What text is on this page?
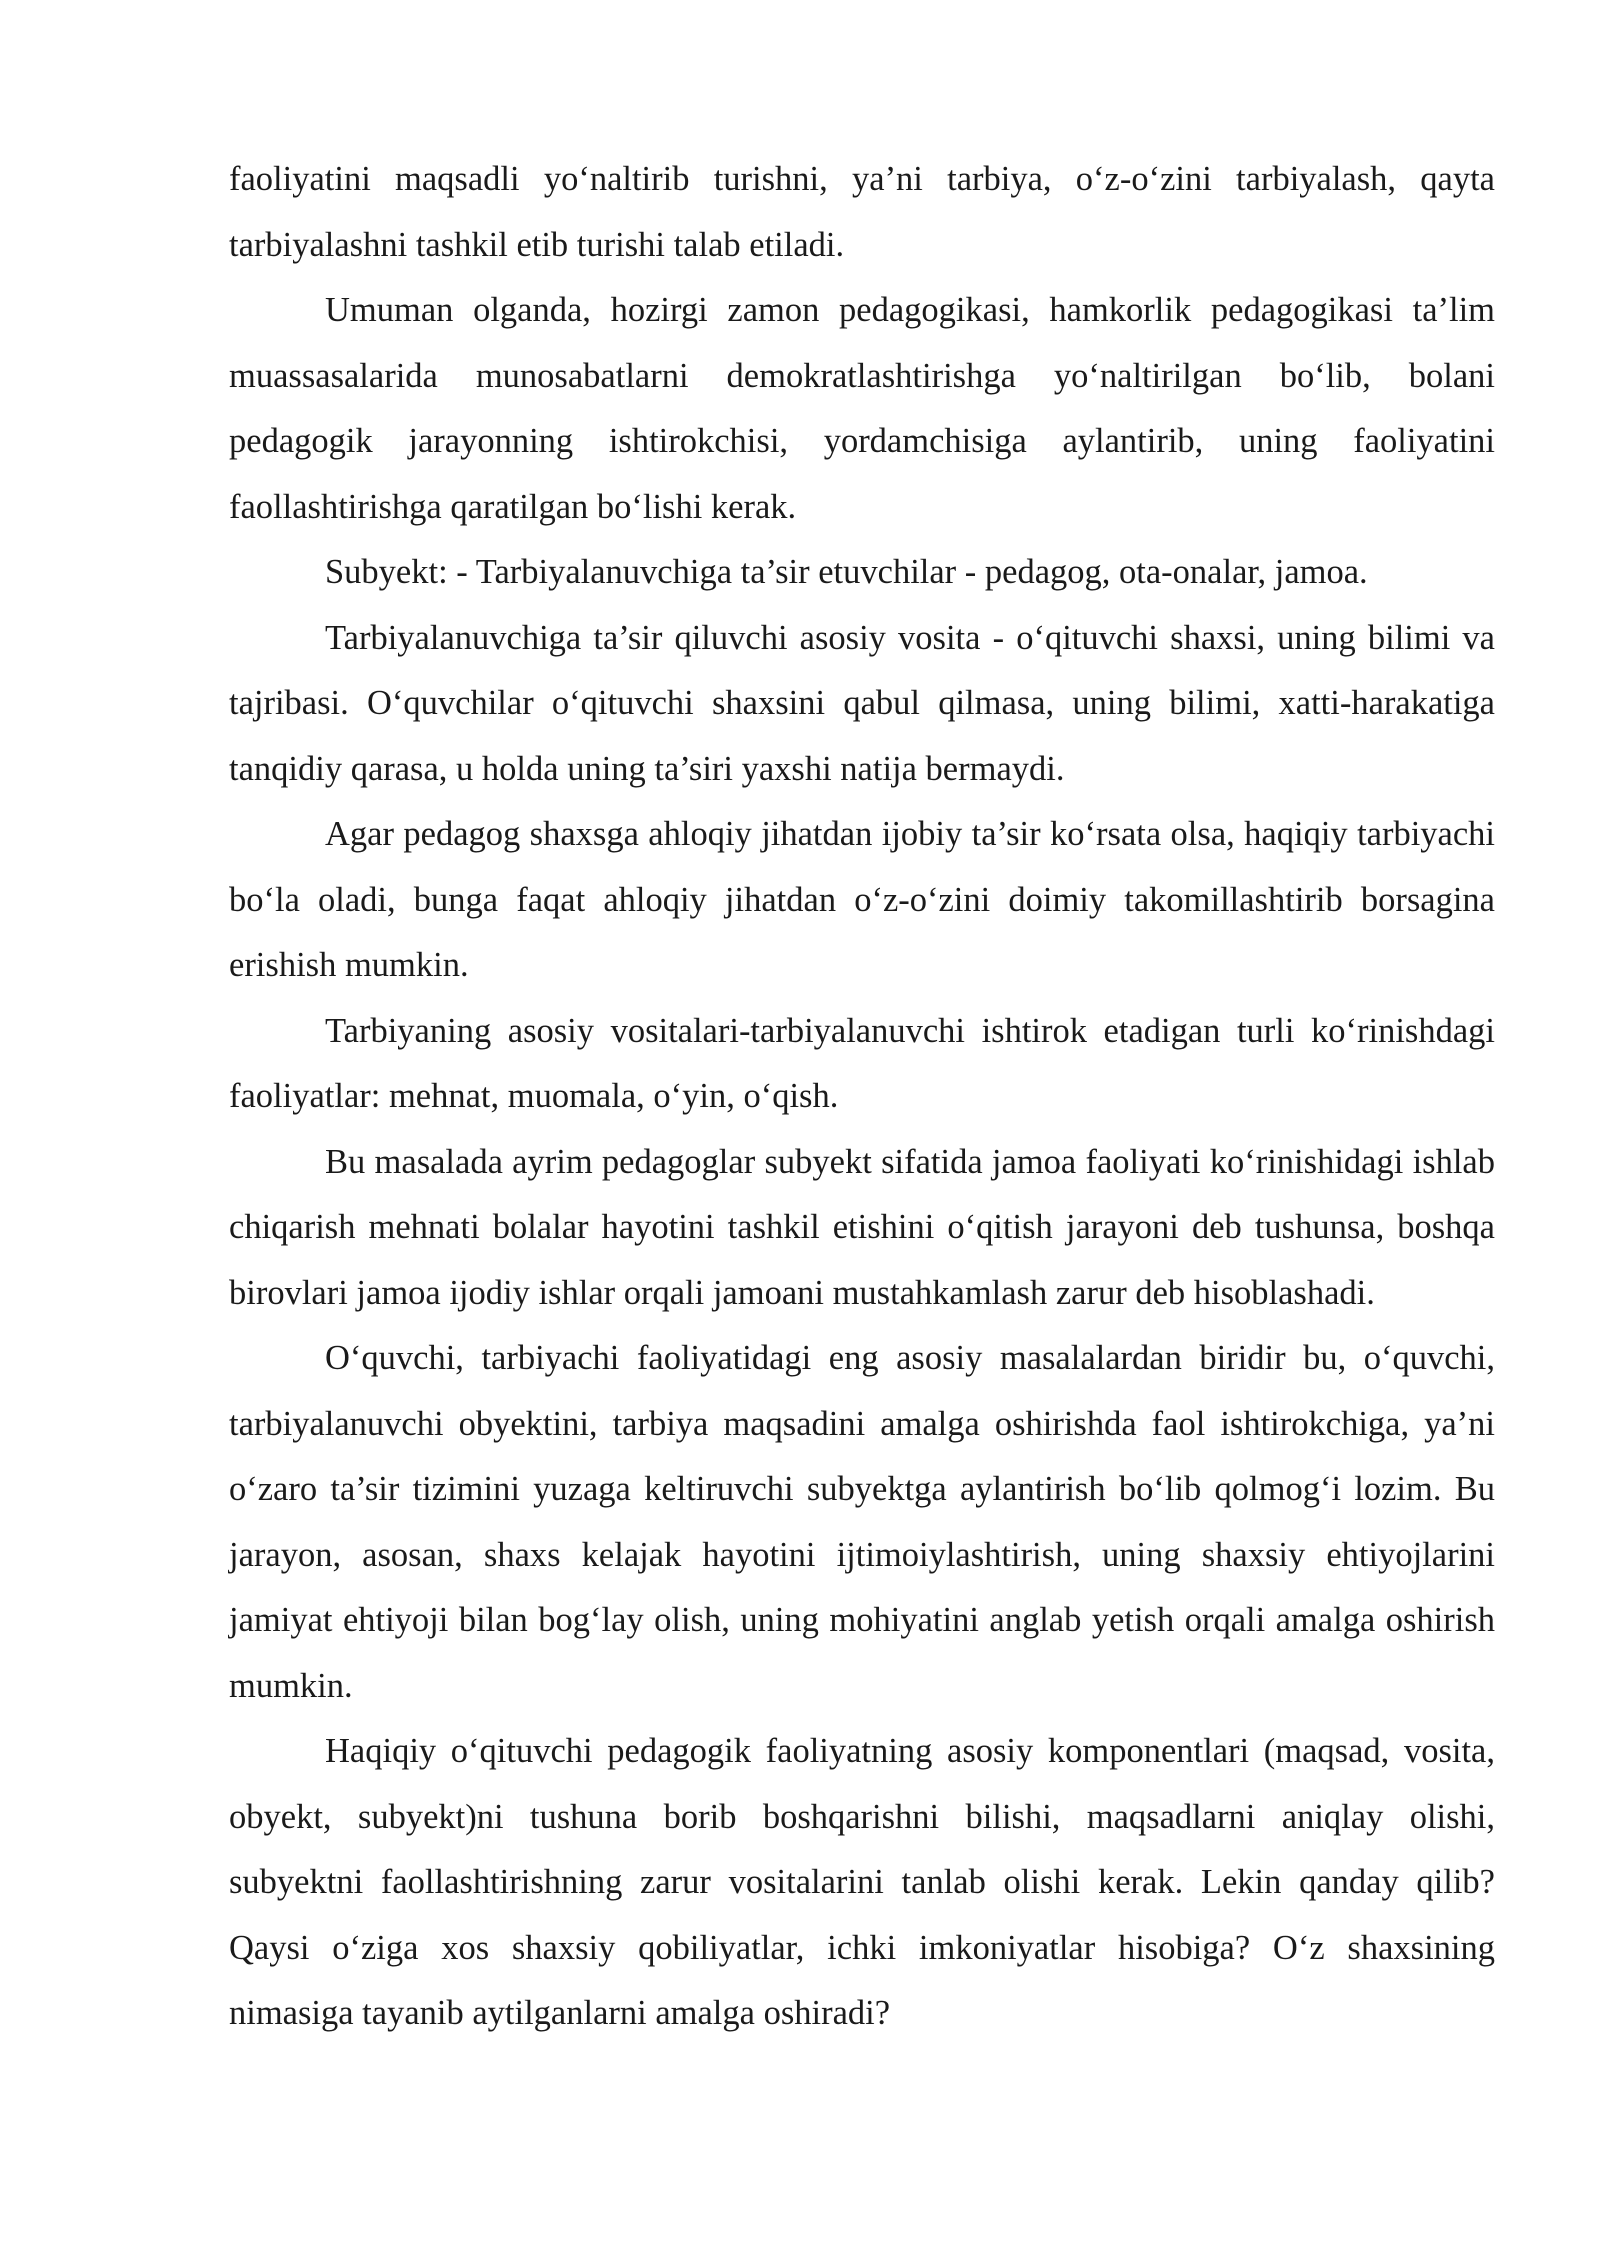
faoliyatini maqsadli yo‘naltirib turishni, ya’ni tarbiya, o‘z-o‘zini tarbiyalash, qayta tarbiyalashni tashkil etib turishi talab etiladi.

Umuman olganda, hozirgi zamon pedagogikasi, hamkorlik pedagogikasi ta’lim muassasalarida munosabatlarni demokratlashtirishga yo‘naltirilgan bo‘lib, bolani pedagogik jarayonning ishtirokchisi, yordamchisiga aylantirib, uning faoliyatini faollashtirishga qaratilgan bo‘lishi kerak.

Subyekt: - Tarbiyalanuvchiga ta’sir etuvchilar - pedagog, ota-onalar, jamoa.

Tarbiyalanuvchiga ta’sir qiluvchi asosiy vosita - o‘qituvchi shaxsi, uning bilimi va tajribasi. O‘quvchilar o‘qituvchi shaxsini qabul qilmasa, uning bilimi, xatti-harakatiga tanqidiy qarasa, u holda uning ta’siri yaxshi natija bermaydi.

Agar pedagog shaxsga ahloqiy jihatdan ijobiy ta’sir ko‘rsata olsa, haqiqiy tarbiyachi bo‘la oladi, bunga faqat ahloqiy jihatdan o‘z-o‘zini doimiy takomillashtirib borsagina erishish mumkin.

Tarbiyaning asosiy vositalari-tarbiyalanuvchi ishtirok etadigan turli ko‘rinishdagi faoliyatlar: mehnat, muomala, o‘yin, o‘qish.

Bu masalada ayrim pedagoglar subyekt sifatida jamoa faoliyati ko‘rinishidagi ishlab chiqarish mehnati bolalar hayotini tashkil etishini o‘qitish jarayoni deb tushunsa, boshqa birovlari jamoa ijodiy ishlar orqali jamoani mustahkamlash zarur deb hisoblashadi.

O‘quvchi, tarbiyachi faoliyatidagi eng asosiy masalalardan biridir bu, o‘quvchi, tarbiyalanuvchi obyektini, tarbiya maqsadini amalga oshirishda faol ishtirokchiga, ya’ni o‘zaro ta’sir tizimini yuzaga keltiruvchi subyektga aylantirish bo‘lib qolmog‘i lozim. Bu jarayon, asosan, shaxs kelajak hayotini ijtimoiylashtirish, uning shaxsiy ehtiyojlarini jamiyat ehtiyoji bilan bog‘lay olish, uning mohiyatini anglab yetish orqali amalga oshirish mumkin.

Haqiqiy o‘qituvchi pedagogik faoliyatning asosiy komponentlari (maqsad, vosita, obyekt, subyekt)ni tushuna borib boshqarishni bilishi, maqsadlarni aniqlay olishi, subyektni faollashtirishning zarur vositalarini tanlab olishi kerak. Lekin qanday qilib? Qaysi o‘ziga xos shaxsiy qobiliyatlar, ichki imkoniyatlar hisobiga? O‘z shaxsining nimasiga tayanib aytilganlarni amalga oshiradi?
